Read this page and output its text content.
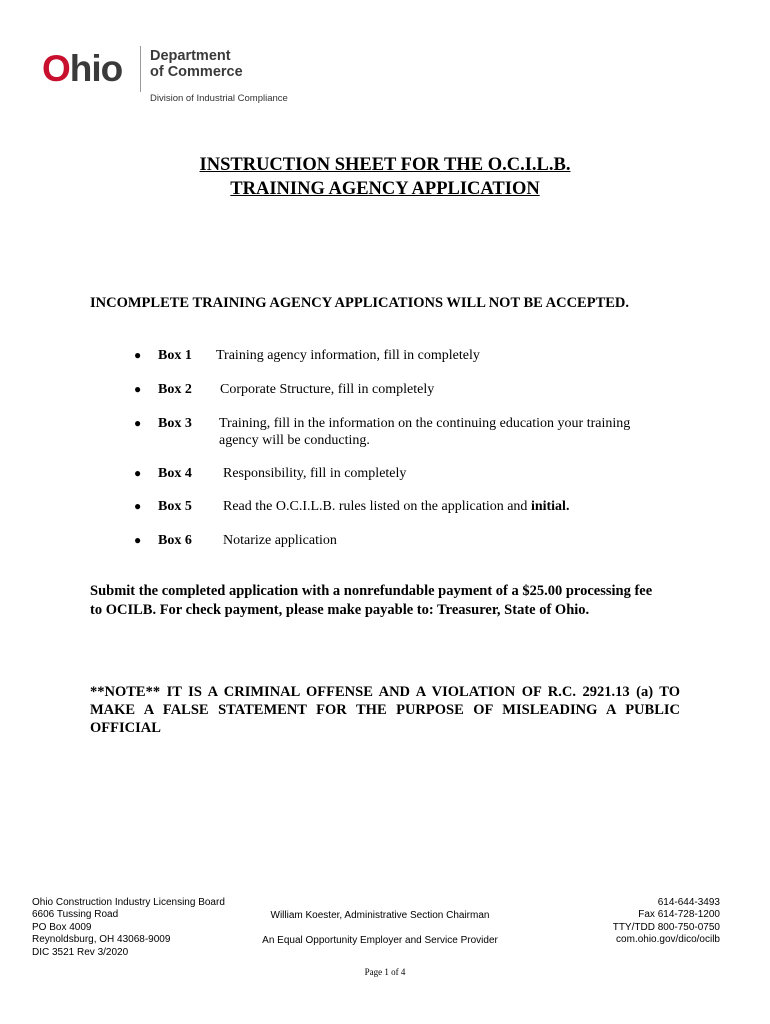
Ohio Department
of Commerce
Division of Industrial Compliance
INSTRUCTION SHEET FOR THE O.C.I.L.B.
TRAINING AGENCY APPLICATION
INCOMPLETE TRAINING AGENCY APPLICATIONS WILL NOT BE ACCEPTED.
● Box 1 Training agency information, fill in completely
● Box 2 Corporate Structure, fill in completely
● Box 3 Training, fill in the information on the continuing education your training agency will be conducting.
● Box 4 Responsibility, fill in completely
● Box 5 Read the O.C.I.L.B. rules listed on the application and initial.
● Box 6 Notarize application
Submit the completed application with a nonrefundable payment of a $25.00 processing fee
to OCILB. For check payment, please make payable to: Treasurer, State of Ohio.
**NOTE** IT IS A CRIMINAL OFFENSE AND A VIOLATION OF R.C. 2921.13 (a) TO MAKE A FALSE STATEMENT FOR THE PURPOSE OF MISLEADING A PUBLIC OFFICIAL
Ohio Construction Industry Licensing Board
6606 Tussing Road
PO Box 4009
Reynoldsburg, OH 43068-9009
DIC 3521 Rev 3/2020
William Koester, Administrative Section Chairman
An Equal Opportunity Employer and Service Provider
614-644-3493
Fax 614-728-1200
TTY/TDD 800-750-0750
com.ohio.gov/dico/ocilb
Page 1 of 4
